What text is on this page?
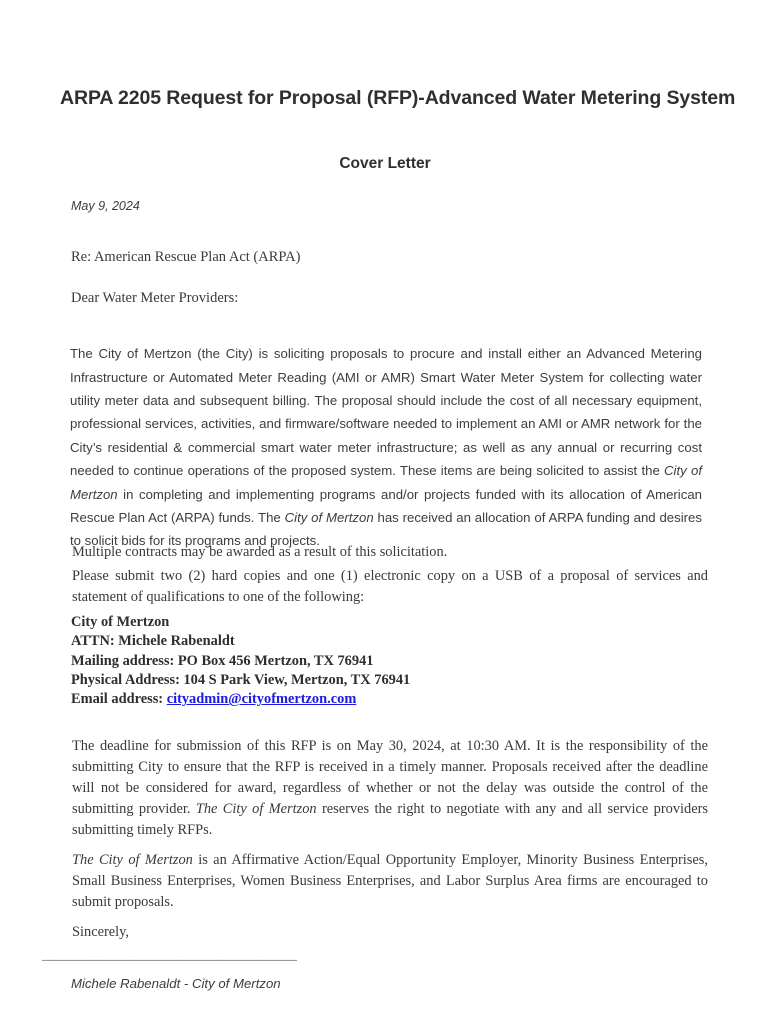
ARPA 2205 Request for Proposal (RFP)-Advanced Water Metering System
Cover Letter
May 9, 2024
Re: American Rescue Plan Act (ARPA)
Dear Water Meter Providers:

The City of Mertzon (the City) is soliciting proposals to procure and install either an Advanced Metering Infrastructure or Automated Meter Reading (AMI or AMR) Smart Water Meter System for collecting water utility meter data and subsequent billing. The proposal should include the cost of all necessary equipment, professional services, activities, and firmware/software needed to implement an AMI or AMR network for the City’s residential & commercial smart water meter infrastructure; as well as any annual or recurring cost needed to continue operations of the proposed system. These items are being solicited to assist the City of Mertzon in completing and implementing programs and/or projects funded with its allocation of American Rescue Plan Act (ARPA) funds. The City of Mertzon has received an allocation of ARPA funding and desires to solicit bids for its programs and projects.

Multiple contracts may be awarded as a result of this solicitation.

Please submit two (2) hard copies and one (1) electronic copy on a USB of a proposal of services and statement of qualifications to one of the following:

City of Mertzon
ATTN: Michele Rabenaldt
Mailing address: PO Box 456 Mertzon, TX 76941
Physical Address: 104 S Park View, Mertzon, TX 76941
Email address: cityadmin@cityofmertzon.com

The deadline for submission of this RFP is on May 30, 2024, at 10:30 AM. It is the responsibility of the submitting City to ensure that the RFP is received in a timely manner. Proposals received after the deadline will not be considered for award, regardless of whether or not the delay was outside the control of the submitting provider. The City of Mertzon reserves the right to negotiate with any and all service providers submitting timely RFPs.

The City of Mertzon is an Affirmative Action/Equal Opportunity Employer, Minority Business Enterprises, Small Business Enterprises, Women Business Enterprises, and Labor Surplus Area firms are encouraged to submit proposals.

Sincerely,

______________________________________
Michele Rabenaldt - City of Mertzon
